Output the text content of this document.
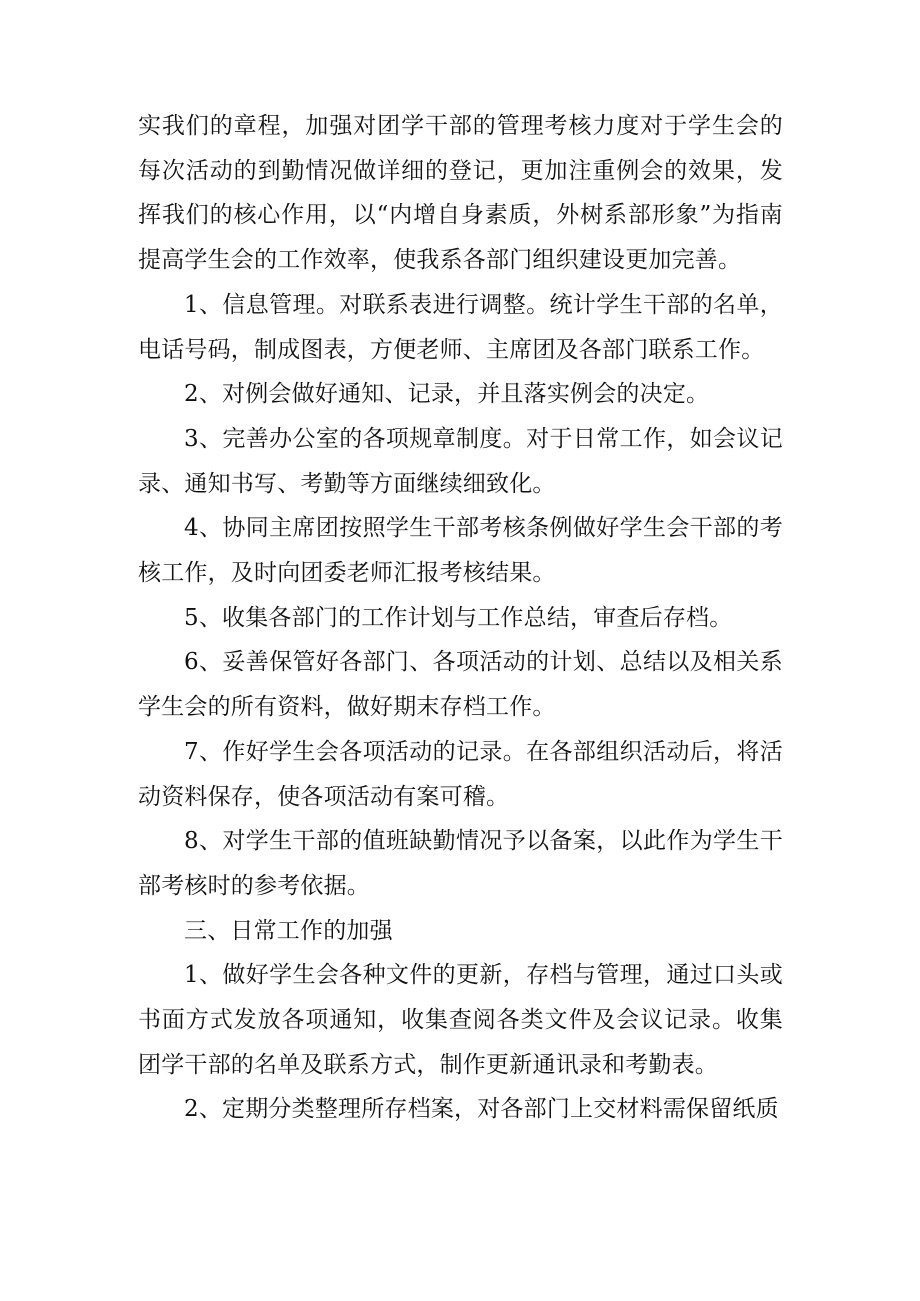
实我们的章程，加强对团学干部的管理考核力度对于学生会的每次活动的到勤情况做详细的登记，更加注重例会的效果，发挥我们的核心作用，以“内增自身素质，外树系部形象”为指南提高学生会的工作效率，使我系各部门组织建设更加完善。

1、信息管理。对联系表进行调整。统计学生干部的名单，电话号码，制成图表，方便老师、主席团及各部门联系工作。

2、对例会做好通知、记录，并且落实例会的决定。

3、完善办公室的各项规章制度。对于日常工作，如会议记录、通知书写、考勤等方面继续细致化。

4、协同主席团按照学生干部考核条例做好学生会干部的考核工作，及时向团委老师汇报考核结果。

5、收集各部门的工作计划与工作总结，审查后存档。

6、妥善保管好各部门、各项活动的计划、总结以及相关系学生会的所有资料，做好期末存档工作。

7、作好学生会各项活动的记录。在各部组织活动后，将活动资料保存，使各项活动有案可稽。

8、对学生干部的值班缺勤情况予以备案，以此作为学生干部考核时的参考依据。

三、日常工作的加强

1、做好学生会各种文件的更新，存档与管理，通过口头或书面方式发放各项通知，收集查阅各类文件及会议记录。收集团学干部的名单及联系方式，制作更新通讯录和考勤表。

2、定期分类整理所存档案，对各部门上交材料需保留纸质
